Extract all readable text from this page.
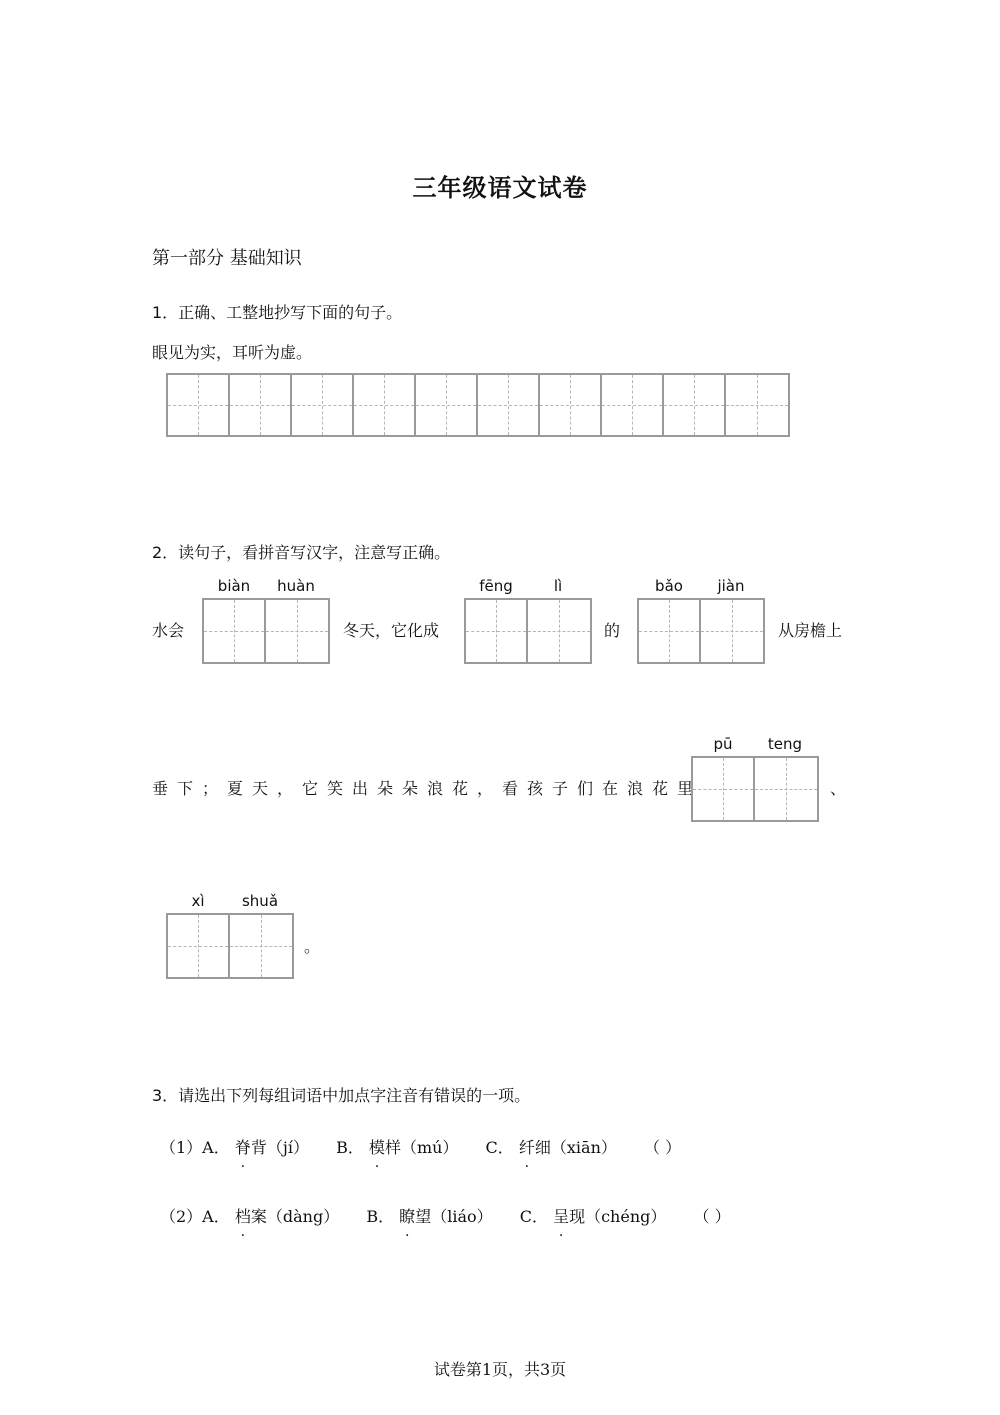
三年级语文试卷
第一部分 基础知识
1．正确、工整地抄写下面的句子。
眼见为实，耳听为虚。
2．读句子，看拼音写汉字，注意写正确。
biàn	huàn	fēng	lì	bǎo	jiàn
水会	冬天，它化成	的	从房檐上
pū	teng
垂下；夏天，它笑出朵朵浪花，看孩子们在浪花里	、
xì	shuǎ
。
3．请选出下列每组词语中加点字注音有错误的一项。
（1）A． 脊背（jí） B． 模样（mú） C． 纤细（xiān） （ ）
（2）A． 档案（dàng） B． 瞭望（liáo） C． 呈现（chéng） （ ）
试卷第1页，共3页
